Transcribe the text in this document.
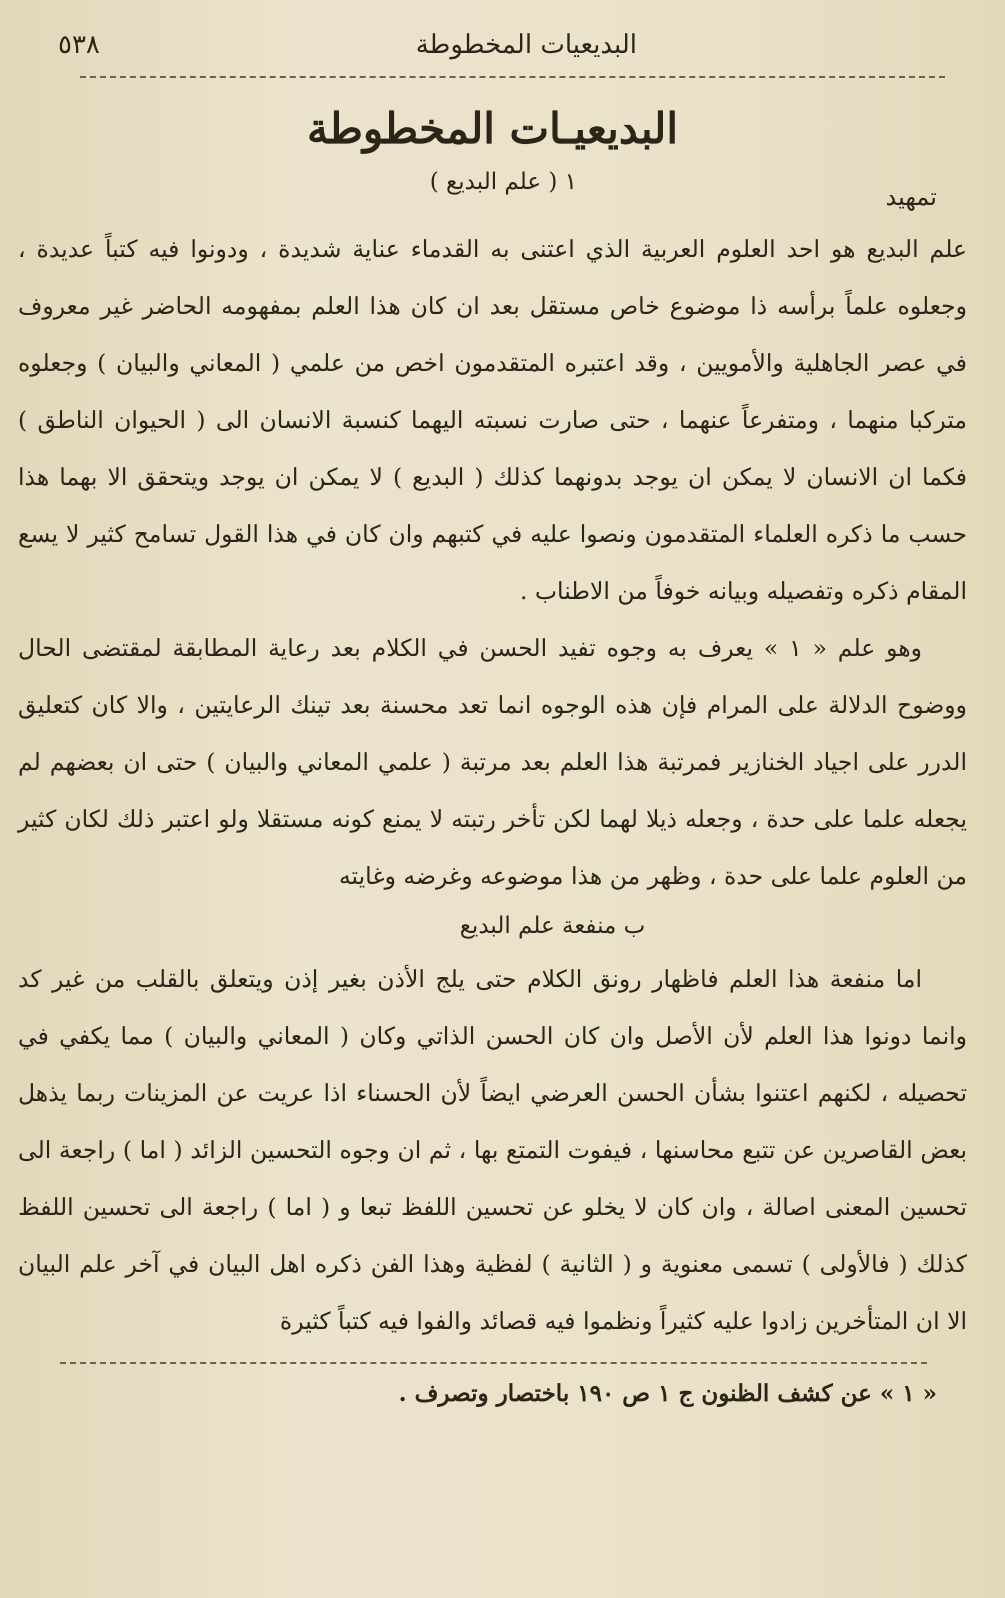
البديعيات المخطوطة
٥٣٨
البديعيـات المخطوطة
تمهيد
١ ( علم البديع )

علم البديع هو احد العلوم العربية الذي اعتنى به القدماء عناية شديدة ، ودونوا فيه كتباً عديدة ، وجعلوه علماً برأسه ذا موضوع خاص مستقل بعد ان كان هذا العلم بمفهومه الحاضر غير معروف في عصر الجاهلية والأمويين ، وقد اعتبره المتقدمون اخص من علمي ( المعاني والبيان ) وجعلوه متركبا منهما ، ومتفرعاً عنهما ، حتى صارت نسبته اليهما كنسبة الانسان الى ( الحيوان الناطق ) فكما ان الانسان لا يمكن ان يوجد بدونهما كذلك ( البديع ) لا يمكن ان يوجد ويتحقق الا بهما هذا حسب ما ذكره العلماء المتقدمون ونصوا عليه في كتبهم وان كان في هذا القول تسامح كثير لا يسع المقام ذكره وتفصيله وبيانه خوفاً من الاطناب .

وهو علم « ١ » يعرف به وجوه تفيد الحسن في الكلام بعد رعاية المطابقة لمقتضى الحال ووضوح الدلالة على المرام فإن هذه الوجوه انما تعد محسنة بعد تينك الرعايتين ، والا كان كتعليق الدرر على اجياد الخنازير فمرتبة هذا العلم بعد مرتبة ( علمي المعاني والبيان ) حتى ان بعضهم لم يجعله علما على حدة ، وجعله ذيلا لهما لكن تأخر رتبته لا يمنع كونه مستقلا ولو اعتبر ذلك لكان كثير من العلوم علما على حدة ، وظهر من هذا موضوعه وغرضه وغايته

ب منفعة علم البديع

اما منفعة هذا العلم فاظهار رونق الكلام حتى يلج الأذن بغير إذن ويتعلق بالقلب من غير كد وانما دونوا هذا العلم لأن الأصل وان كان الحسن الذاتي وكان ( المعاني والبيان ) مما يكفي في تحصيله ، لكنهم اعتنوا بشأن الحسن العرضي ايضاً لأن الحسناء اذا عريت عن المزينات ربما يذهل بعض القاصرين عن تتبع محاسنها ، فيفوت التمتع بها ، ثم ان وجوه التحسين الزائد ( اما ) راجعة الى تحسين المعنى اصالة ، وان كان لا يخلو عن تحسين اللفظ تبعا و ( اما ) راجعة الى تحسين اللفظ كذلك ( فالأولى ) تسمى معنوية و ( الثانية ) لفظية وهذا الفن ذكره اهل البيان في آخر علم البيان الا ان المتأخرين زادوا عليه كثيراً ونظموا فيه قصائد والفوا فيه كتباً كثيرة

« ١ » عن كشف الظنون ج ١ ص ١٩٠ باختصار وتصرف .
